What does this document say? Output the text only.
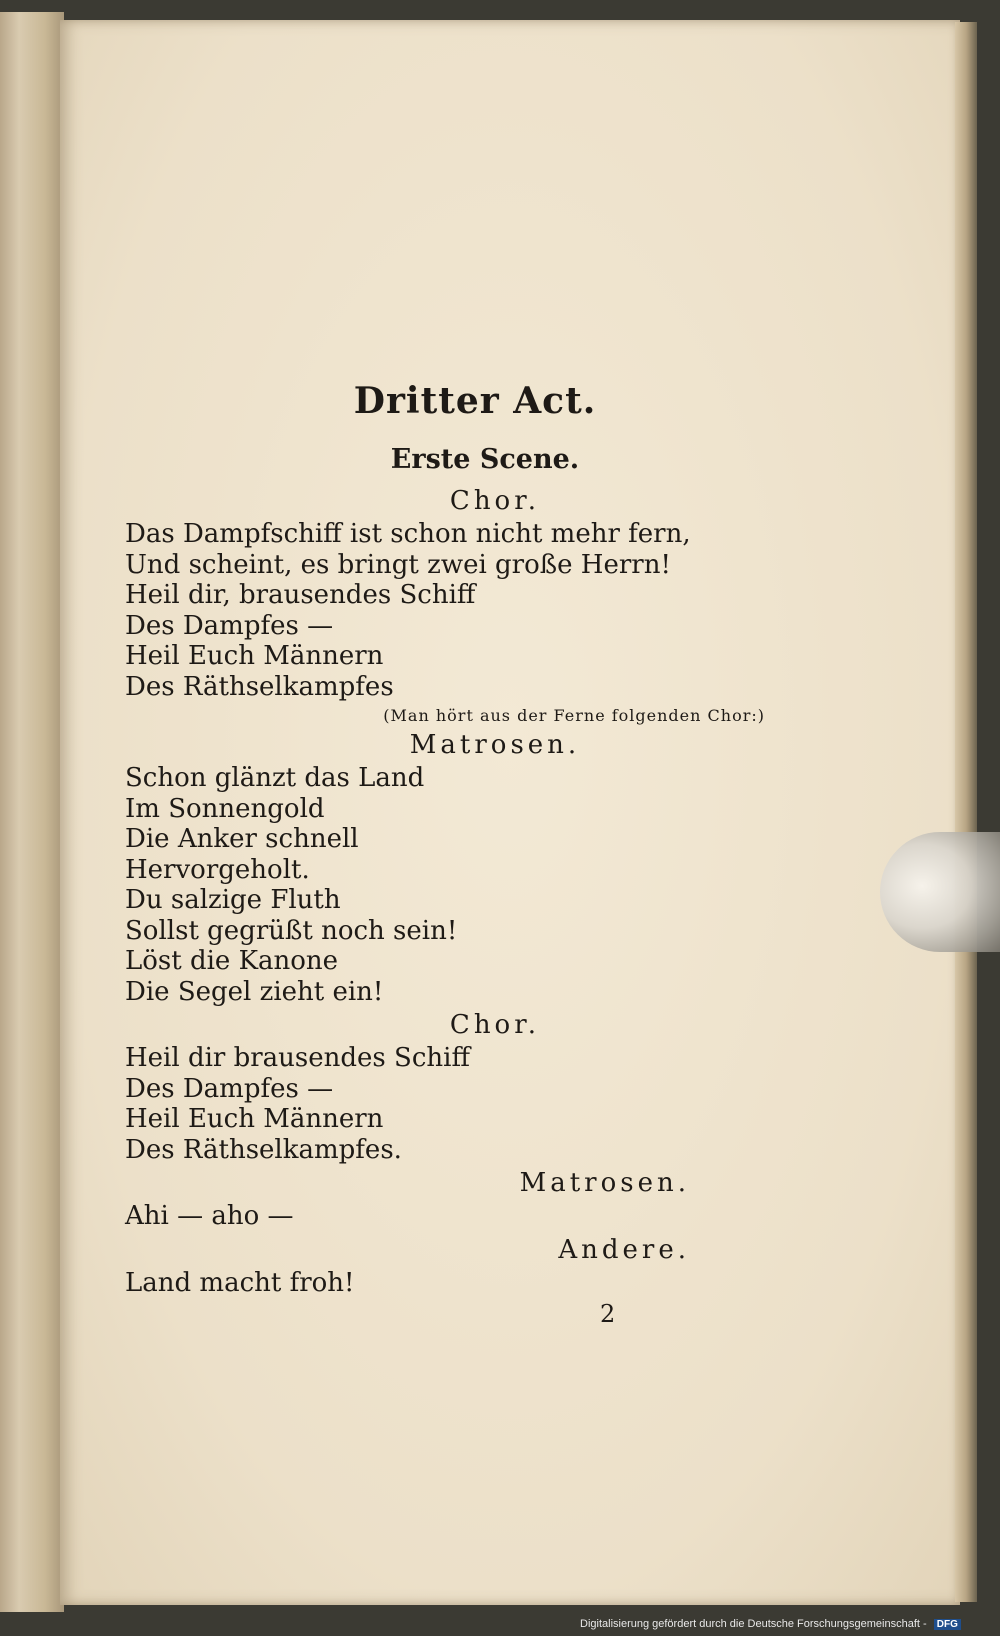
Dritter Act.

Erste Scene.

Chor.

Das Dampfschiff ist schon nicht mehr fern,

Und scheint, es bringt zwei große Herrn!

Heil dir, brausendes Schiff

Des Dampfes —

Heil Euch Männern

Des Räthselkampfes

(Man hört aus der Ferne folgenden Chor:)

Matrosen.

Schon glänzt das Land

Im Sonnengold

Die Anker schnell

Hervorgeholt.

Du salzige Fluth

Sollst gegrüßt noch sein!

Löst die Kanone

Die Segel zieht ein!

Chor.

Heil dir brausendes Schiff

Des Dampfes —

Heil Euch Männern

Des Räthselkampfes.

Matrosen.

Ahi — aho —

Andere.

Land macht froh!

2
Digitalisierung gefördert durch die Deutsche Forschungsgemeinschaft - DFG
